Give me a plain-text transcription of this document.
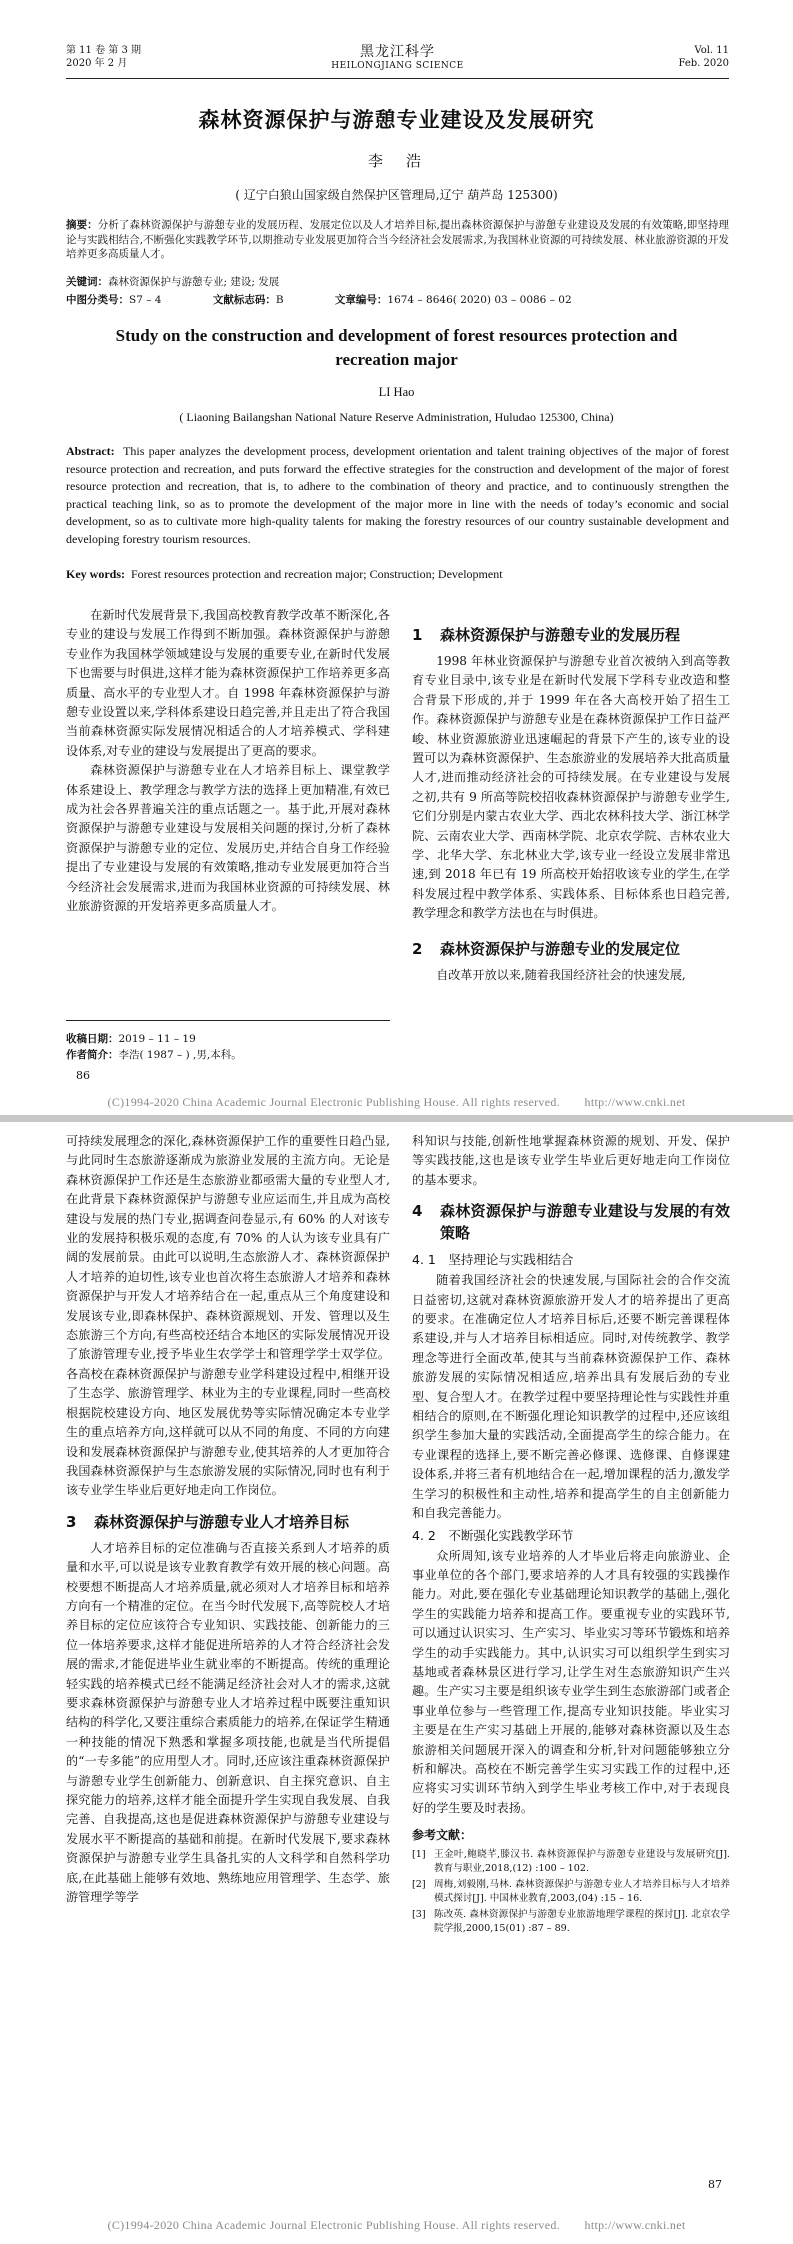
第 11 卷 第 3 期
2020 年 2 月
黑龙江科学
HEILONGJIANG SCIENCE
Vol. 11
Feb. 2020
森林资源保护与游憩专业建设及发展研究
李　浩
( 辽宁白狼山国家级自然保护区管理局,辽宁 葫芦岛 125300)
摘要：分析了森林资源保护与游憩专业的发展历程、发展定位以及人才培养目标,提出森林资源保护与游憩专业建设及发展的有效策略,即坚持理论与实践相结合,不断强化实践教学环节,以期推动专业发展更加符合当今经济社会发展需求,为我国林业资源的可持续发展、林业旅游资源的开发培养更多高质量人才。
关键词：森林资源保护与游憩专业; 建设; 发展
中图分类号：S7 – 4	文献标志码：B	文章编号：1674 – 8646( 2020) 03 – 0086 – 02
Study on the construction and development of forest resources protection and recreation major
LI Hao
( Liaoning Bailangshan National Nature Reserve Administration, Huludao 125300, China)
Abstract: This paper analyzes the development process, development orientation and talent training objectives of the major of forest resource protection and recreation, and puts forward the effective strategies for the construction and development of the major of forest resource protection and recreation, that is, to adhere to the combination of theory and practice, and to continuously strengthen the practical teaching link, so as to promote the development of the major more in line with the needs of today’s economic and social development, so as to cultivate more high-quality talents for making the forestry resources of our country sustainable development and developing forestry tourism resources.
Key words: Forest resources protection and recreation major; Construction; Development

在新时代发展背景下,我国高校教育教学改革不断深化,各专业的建设与发展工作得到不断加强。森林资源保护与游憩专业作为我国林学领域建设与发展的重要专业,在新时代发展下也需要与时俱进,这样才能为森林资源保护工作培养更多高质量、高水平的专业型人才。自 1998 年森林资源保护与游憩专业设置以来,学科体系建设日趋完善,并且走出了符合我国当前森林资源实际发展情况相适合的人才培养模式、学科建设体系,对专业的建设与发展提出了更高的要求。

森林资源保护与游憩专业在人才培养目标上、课堂教学体系建设上、教学理念与教学方法的选择上更加精准,有效已成为社会各界普遍关注的重点话题之一。基于此,开展对森林资源保护与游憩专业建设与发展相关问题的探讨,分析了森林资源保护与游憩专业的定位、发展历史,并结合自身工作经验提出了专业建设与发展的有效策略,推动专业发展更加符合当今经济社会发展需求,进而为我国林业资源的可持续发展、林业旅游资源的开发培养更多高质量人才。

收稿日期：2019 – 11 – 19
作者简介：李浩( 1987 – ) ,男,本科。
86
1	森林资源保护与游憩专业的发展历程

1998 年林业资源保护与游憩专业首次被纳入到高等教育专业目录中,该专业是在新时代发展下学科专业改造和整合背景下形成的,并于 1999 年在各大高校开始了招生工作。森林资源保护与游憩专业是在森林资源保护工作日益严峻、林业资源旅游业迅速崛起的背景下产生的,该专业的设置可以为森林资源保护、生态旅游业的发展培养大批高质量人才,进而推动经济社会的可持续发展。在专业建设与发展之初,共有 9 所高等院校招收森林资源保护与游憩专业学生,它们分别是内蒙古农业大学、西北农林科技大学、浙江林学院、云南农业大学、西南林学院、北京农学院、吉林农业大学、北华大学、东北林业大学,该专业一经设立发展非常迅速,到 2018 年已有 19 所高校开始招收该专业的学生,在学科发展过程中教学体系、实践体系、目标体系也日趋完善,教学理念和教学方法也在与时俱进。

2	森林资源保护与游憩专业的发展定位

自改革开放以来,随着我国经济社会的快速发展,

(C)1994-2020 China Academic Journal Electronic Publishing House. All rights reserved.　　http://www.cnki.net

可持续发展理念的深化,森林资源保护工作的重要性日趋凸显,与此同时生态旅游逐渐成为旅游业发展的主流方向。无论是森林资源保护工作还是生态旅游业都亟需大量的专业型人才,在此背景下森林资源保护与游憩专业应运而生,并且成为高校建设与发展的热门专业,据调查问卷显示,有 60% 的人对该专业的发展持积极乐观的态度,有 70% 的人认为该专业具有广阔的发展前景。由此可以说明,生态旅游人才、森林资源保护人才培养的迫切性,该专业也首次将生态旅游人才培养和森林资源保护与开发人才培养结合在一起,重点从三个角度建设和发展该专业,即森林保护、森林资源规划、开发、管理以及生态旅游三个方向,有些高校还结合本地区的实际发展情况开设了旅游管理专业,授予毕业生农学学士和管理学学士双学位。各高校在森林资源保护与游憩专业学科建设过程中,相继开设了生态学、旅游管理学、林业为主的专业课程,同时一些高校根据院校建设方向、地区发展优势等实际情况确定本专业学生的重点培养方向,这样就可以从不同的角度、不同的方向建设和发展森林资源保护与游憩专业,使其培养的人才更加符合我国森林资源保护与生态旅游发展的实际情况,同时也有利于该专业学生毕业后更好地走向工作岗位。

3	森林资源保护与游憩专业人才培养目标

人才培养目标的定位准确与否直接关系到人才培养的质量和水平,可以说是该专业教育教学有效开展的核心问题。高校要想不断提高人才培养质量,就必须对人才培养目标和培养方向有一个精准的定位。在当今时代发展下,高等院校人才培养目标的定位应该符合专业知识、实践技能、创新能力的三位一体培养要求,这样才能促进所培养的人才符合经济社会发展的需求,才能促进毕业生就业率的不断提高。传统的重理论轻实践的培养模式已经不能满足经济社会对人才的需求,这就要求森林资源保护与游憩专业人才培养过程中既要注重知识结构的科学化,又要注重综合素质能力的培养,在保证学生精通一种技能的情况下熟悉和掌握多项技能,也就是当代所提倡的“一专多能”的应用型人才。同时,还应该注重森林资源保护与游憩专业学生创新能力、创新意识、自主探究意识、自主探究能力的培养,这样才能全面提升学生实现自我发展、自我完善、自我提高,这也是促进森林资源保护与游憩专业建设与发展水平不断提高的基础和前提。在新时代发展下,要求森林资源保护与游憩专业学生具备扎实的人文科学和自然科学功底,在此基础上能够有效地、熟练地应用管理学、生态学、旅游管理学等学

科知识与技能,创新性地掌握森林资源的规划、开发、保护等实践技能,这也是该专业学生毕业后更好地走向工作岗位的基本要求。

4	森林资源保护与游憩专业建设与发展的有效策略
4. 1　坚持理论与实践相结合

随着我国经济社会的快速发展,与国际社会的合作交流日益密切,这就对森林资源旅游开发人才的培养提出了更高的要求。在准确定位人才培养目标后,还要不断完善课程体系建设,并与人才培养目标相适应。同时,对传统教学、教学理念等进行全面改革,使其与当前森林资源保护工作、森林旅游发展的实际情况相适应,培养出具有发展后劲的专业型、复合型人才。在教学过程中要坚持理论性与实践性并重相结合的原则,在不断强化理论知识教学的过程中,还应该组织学生参加大量的实践活动,全面提高学生的综合能力。在专业课程的选择上,要不断完善必修课、选修课、自修课建设体系,并将三者有机地结合在一起,增加课程的活力,激发学生学习的积极性和主动性,培养和提高学生的自主创新能力和自我完善能力。

4. 2　不断强化实践教学环节

众所周知,该专业培养的人才毕业后将走向旅游业、企事业单位的各个部门,要求培养的人才具有较强的实践操作能力。对此,要在强化专业基础理论知识教学的基础上,强化学生的实践能力培养和提高工作。要重视专业的实践环节,可以通过认识实习、生产实习、毕业实习等环节锻炼和培养学生的动手实践能力。其中,认识实习可以组织学生到实习基地或者森林景区进行学习,让学生对生态旅游知识产生兴趣。生产实习主要是组织该专业学生到生态旅游部门或者企事业单位参与一些管理工作,提高专业知识技能。毕业实习主要是在生产实习基础上开展的,能够对森林资源以及生态旅游相关问题展开深入的调查和分析,针对问题能够独立分析和解决。高校在不断完善学生实习实践工作的过程中,还应将实习实训环节纳入到学生毕业考核工作中,对于表现良好的学生要及时表扬。

参考文献：
[1] 王金叶,鲍晓芊,滕汉书. 森林资源保护与游憩专业建设与发展研究[J]. 教育与职业,2018,(12) :100 – 102.
[2] 周梅,刘毅刚,马林. 森林资源保护与游憩专业人才培养目标与人才培养模式探讨[J]. 中国林业教育,2003,(04) :15 – 16.
[3] 陈改英. 森林资源保护与游憩专业旅游地理学课程的探讨[J]. 北京农学院学报,2000,15(01) :87 – 89.
87
(C)1994-2020 China Academic Journal Electronic Publishing House. All rights reserved.　　http://www.cnki.net
